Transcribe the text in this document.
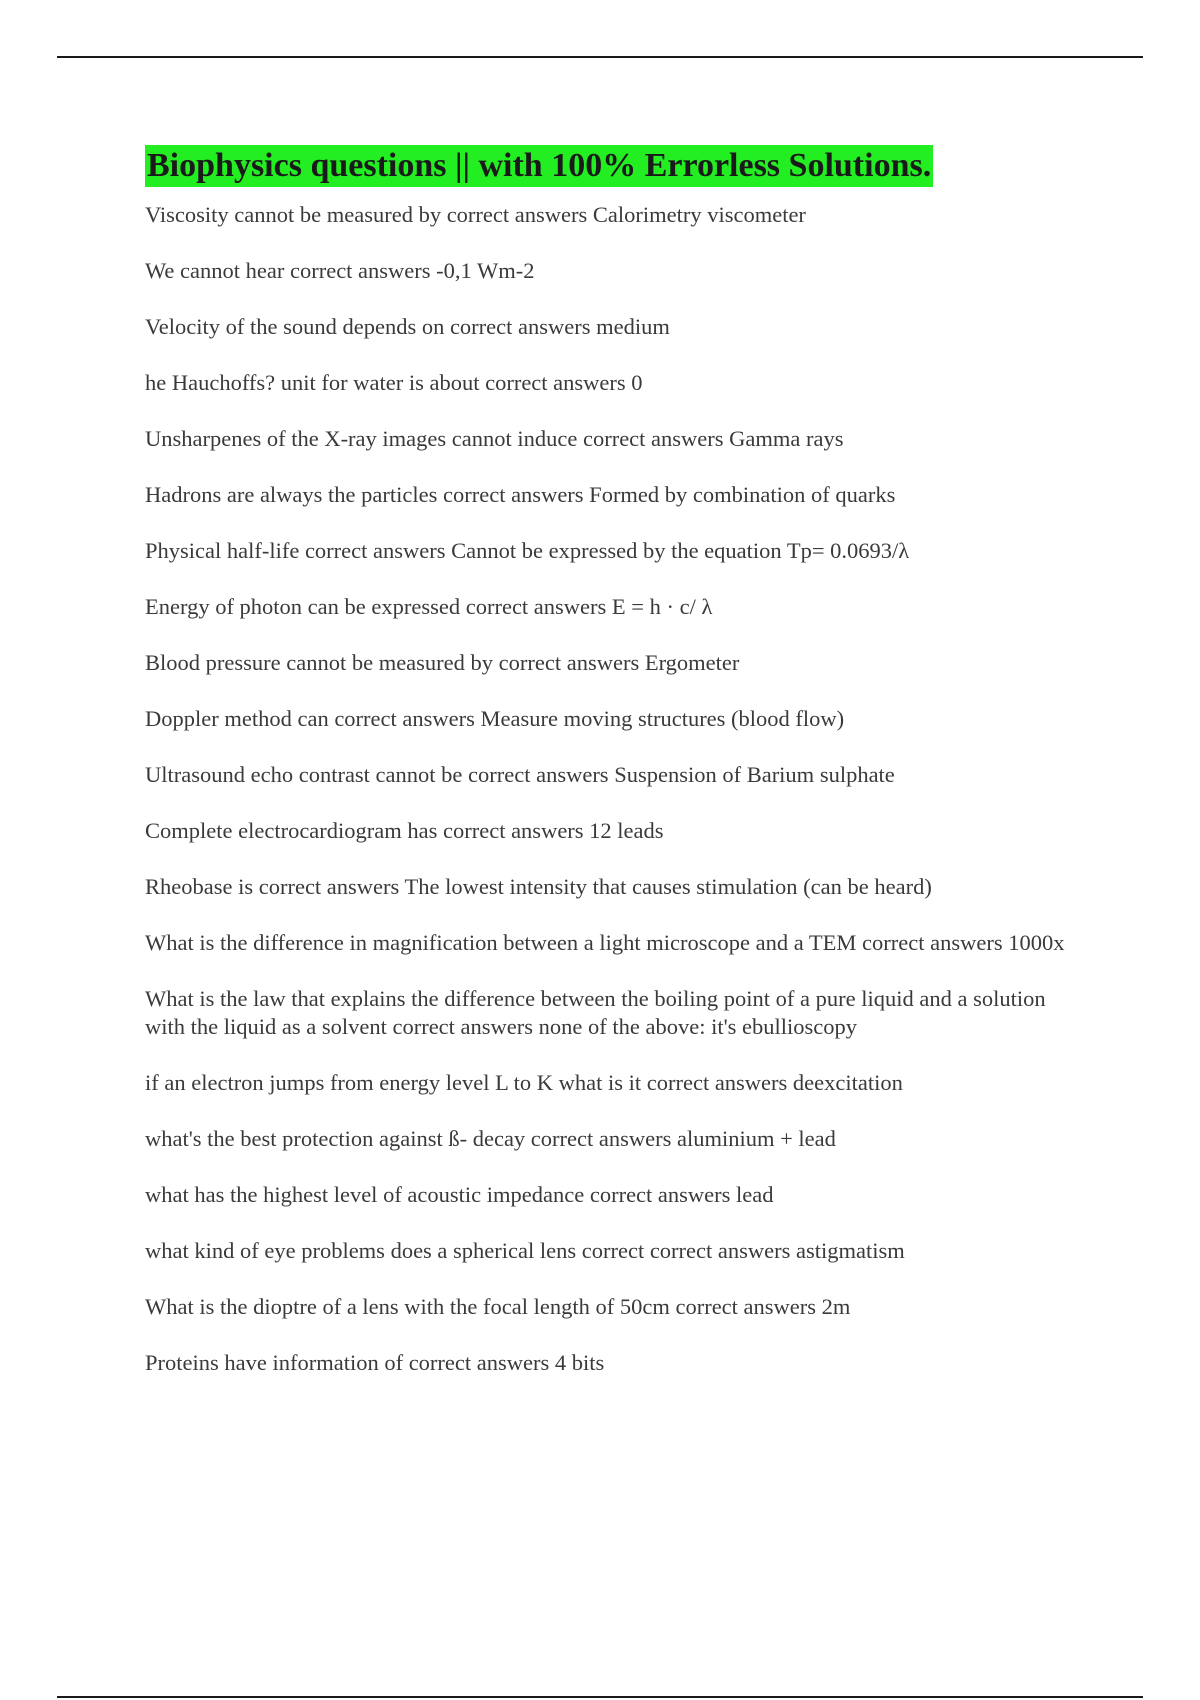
Biophysics questions || with 100% Errorless Solutions.
Viscosity cannot be measured by correct answers Calorimetry viscometer
We cannot hear correct answers -0,1 Wm-2
Velocity of the sound depends on correct answers medium
he Hauchoffs? unit for water is about correct answers 0
Unsharpenes of the X-ray images cannot induce correct answers Gamma rays
Hadrons are always the particles correct answers Formed by combination of quarks
Physical half-life correct answers Cannot be expressed by the equation Tp= 0.0693/λ
Energy of photon can be expressed correct answers E = h · c/ λ
Blood pressure cannot be measured by correct answers Ergometer
Doppler method can correct answers Measure moving structures (blood flow)
Ultrasound echo contrast cannot be correct answers Suspension of Barium sulphate
Complete electrocardiogram has correct answers 12 leads
Rheobase is correct answers The lowest intensity that causes stimulation (can be heard)
What is the difference in magnification between a light microscope and a TEM correct answers 1000x
What is the law that explains the difference between the boiling point of a pure liquid and a solution with the liquid as a solvent correct answers none of the above: it's ebullioscopy
if an electron jumps from energy level L to K what is it correct answers deexcitation
what's the best protection against ß- decay correct answers aluminium + lead
what has the highest level of acoustic impedance correct answers lead
what kind of eye problems does a spherical lens correct correct answers astigmatism
What is the dioptre of a lens with the focal length of 50cm correct answers 2m
Proteins have information of correct answers 4 bits
